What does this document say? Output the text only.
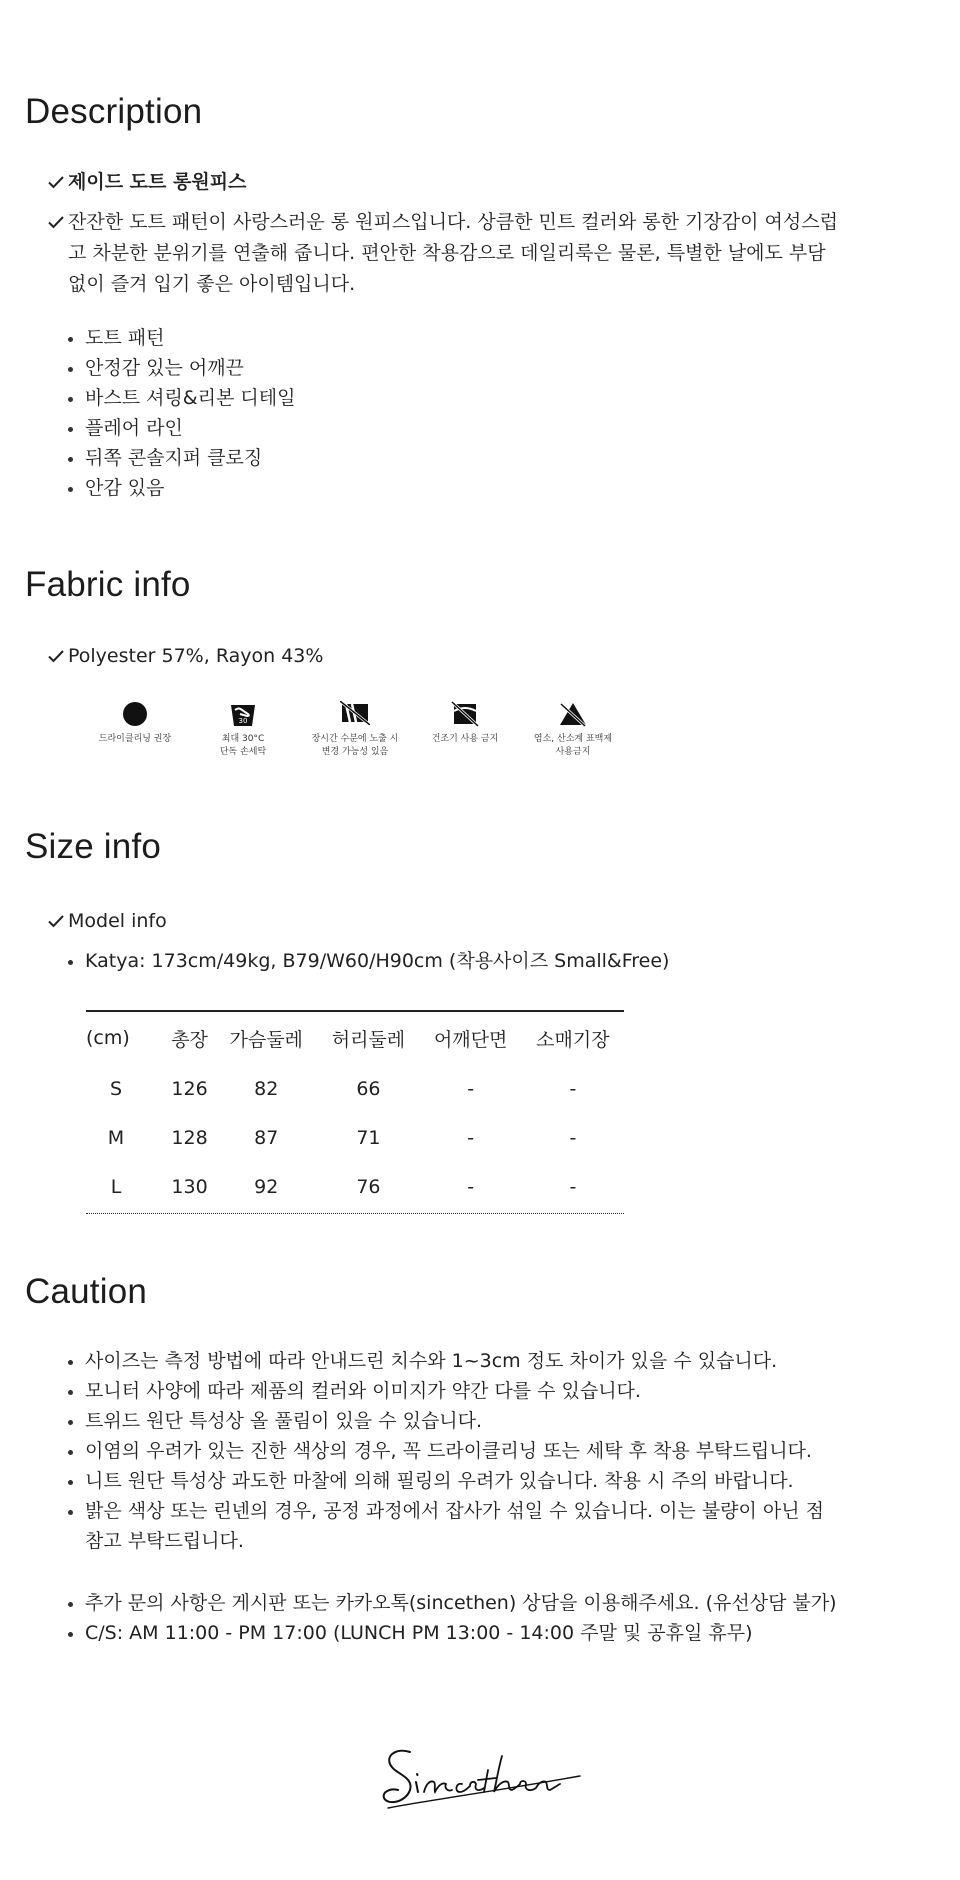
Description
제이드 도트 롱원피스
잔잔한 도트 패턴이 사랑스러운 롱 원피스입니다. 상큼한 민트 컬러와 롱한 기장감이 여성스럽고 차분한 분위기를 연출해 줍니다. 편안한 착용감으로 데일리룩은 물론, 특별한 날에도 부담 없이 즐겨 입기 좋은 아이템입니다.
도트 패턴
안정감 있는 어깨끈
바스트 셔링&리본 디테일
플레어 라인
뒤쪽 콘솔지퍼 클로징
안감 있음
Fabric info
Polyester 57%, Rayon 43%
드라이클리닝 권장
30
최대 30°C
단독 손세탁
장시간 수분에 노출 시
변경 가능성 있음
건조기 사용 금지	염소, 산소계 표백제
사용금지
Size info
Model info
Katya: 173cm/49kg, B79/W60/H90cm (착용사이즈 Small&Free)
(cm)	총장	가슴둘레	허리둘레	어깨단면	소매기장
S	126	82	66	-	-
M	128	87	71	-	-
L	130	92	76	-	-
Caution
사이즈는 측정 방법에 따라 안내드린 치수와 1~3cm 정도 차이가 있을 수 있습니다.
모니터 사양에 따라 제품의 컬러와 이미지가 약간 다를 수 있습니다.
트위드 원단 특성상 올 풀림이 있을 수 있습니다.
이염의 우려가 있는 진한 색상의 경우, 꼭 드라이클리닝 또는 세탁 후 착용 부탁드립니다.
니트 원단 특성상 과도한 마찰에 의해 필링의 우려가 있습니다. 착용 시 주의 바랍니다.
밝은 색상 또는 린넨의 경우, 공정 과정에서 잡사가 섞일 수 있습니다. 이는 불량이 아닌 점 참고 부탁드립니다.
추가 문의 사항은 게시판 또는 카카오톡(sincethen) 상담을 이용해주세요. (유선상담 불가)
C/S: AM 11:00 - PM 17:00 (LUNCH PM 13:00 - 14:00 주말 및 공휴일 휴무)
